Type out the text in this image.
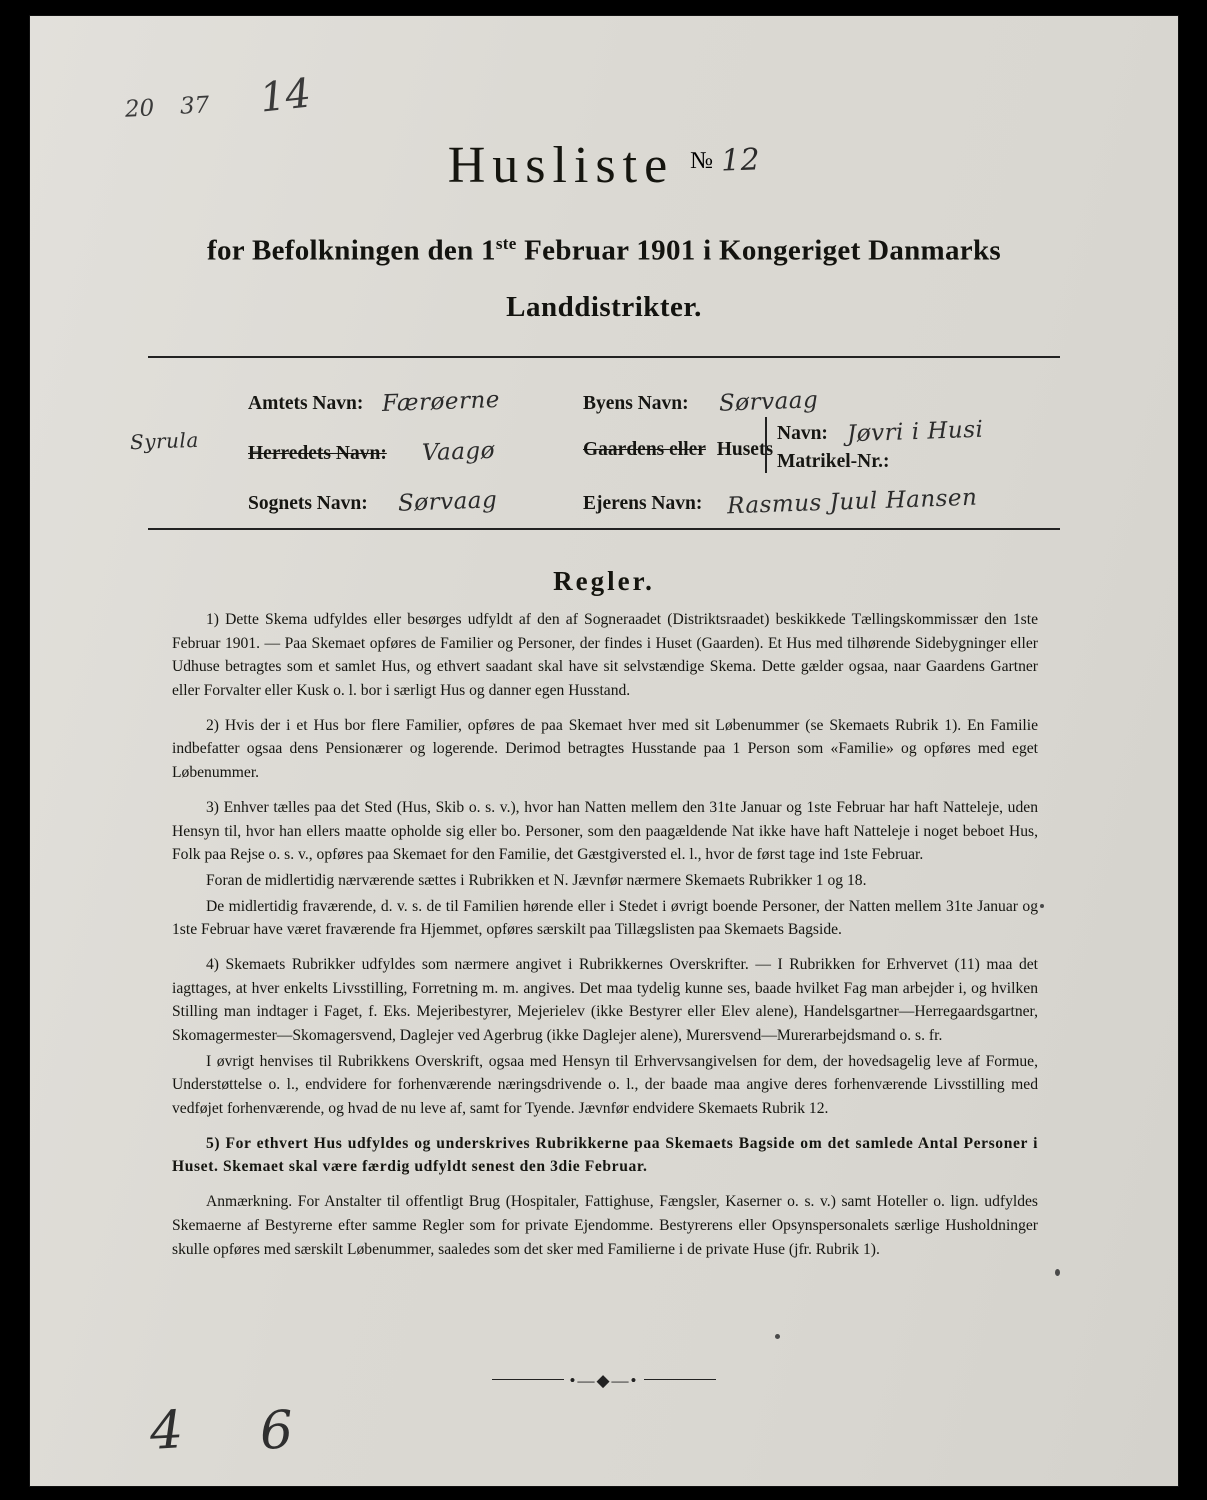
20 37 14
Husliste № 12
for Befolkningen den 1ste Februar 1901 i Kongeriget Danmarks
Landdistrikter.
Syrula
Amtets Navn: Færøerne
Herredets Navn: Vaagø
Sognets Navn: Sørvaag
Byens Navn: Sørvaag
Gaardens eller Husets
Navn: Jøvri i Husi
Matrikel-Nr.:
Ejerens Navn: Rasmus Juul Hansen
Regler.

1) Dette Skema udfyldes eller besørges udfyldt af den af Sogneraadet (Distriktsraadet) beskikkede Tællingskommissær den 1ste Februar 1901. — Paa Skemaet opføres de Familier og Personer, der findes i Huset (Gaarden). Et Hus med tilhørende Sidebygninger eller Udhuse betragtes som et samlet Hus, og ethvert saadant skal have sit selvstændige Skema. Dette gælder ogsaa, naar Gaardens Gartner eller Forvalter eller Kusk o. l. bor i særligt Hus og danner egen Husstand.

2) Hvis der i et Hus bor flere Familier, opføres de paa Skemaet hver med sit Løbenummer (se Skemaets Rubrik 1). En Familie indbefatter ogsaa dens Pensionærer og logerende. Derimod betragtes Husstande paa 1 Person som «Familie» og opføres med eget Løbenummer.

3) Enhver tælles paa det Sted (Hus, Skib o. s. v.), hvor han Natten mellem den 31te Januar og 1ste Februar har haft Natteleje, uden Hensyn til, hvor han ellers maatte opholde sig eller bo. Personer, som den paagældende Nat ikke have haft Natteleje i noget beboet Hus, Folk paa Rejse o. s. v., opføres paa Skemaet for den Familie, det Gæstgiversted el. l., hvor de først tage ind 1ste Februar.

Foran de midlertidig nærværende sættes i Rubrikken et N. Jævnfør nærmere Skemaets Rubrikker 1 og 18.

De midlertidig fraværende, d. v. s. de til Familien hørende eller i Stedet i øvrigt boende Personer, der Natten mellem 31te Januar og 1ste Februar have været fraværende fra Hjemmet, opføres særskilt paa Tillægslisten paa Skemaets Bagside.

4) Skemaets Rubrikker udfyldes som nærmere angivet i Rubrikkernes Overskrifter. — I Rubrikken for Erhvervet (11) maa det iagttages, at hver enkelts Livsstilling, Forretning m. m. angives. Det maa tydelig kunne ses, baade hvilket Fag man arbejder i, og hvilken Stilling man indtager i Faget, f. Eks. Mejeribestyrer, Mejerielev (ikke Bestyrer eller Elev alene), Handelsgartner—Herregaardsgartner, Skomagermester—Skomagersvend, Daglejer ved Agerbrug (ikke Daglejer alene), Murersvend—Murerarbejdsmand o. s. fr.

I øvrigt henvises til Rubrikkens Overskrift, ogsaa med Hensyn til Erhvervsangivelsen for dem, der hovedsagelig leve af Formue, Understøttelse o. l., endvidere for forhenværende næringsdrivende o. l., der baade maa angive deres forhenværende Livsstilling med vedføjet forhenværende, og hvad de nu leve af, samt for Tyende. Jævnfør endvidere Skemaets Rubrik 12.

5) For ethvert Hus udfyldes og underskrives Rubrikkerne paa Skemaets Bagside om det samlede Antal Personer i Huset. Skemaet skal være færdig udfyldt senest den 3die Februar.

Anmærkning. For Anstalter til offentligt Brug (Hospitaler, Fattighuse, Fængsler, Kaserner o. s. v.) samt Hoteller o. lign. udfyldes Skemaerne af Bestyrerne efter samme Regler som for private Ejendomme. Bestyrerens eller Opsynspersonalets særlige Husholdninger skulle opføres med særskilt Løbenummer, saaledes som det sker med Familierne i de private Huse (jfr. Rubrik 1).

•—◆—•
4 6
